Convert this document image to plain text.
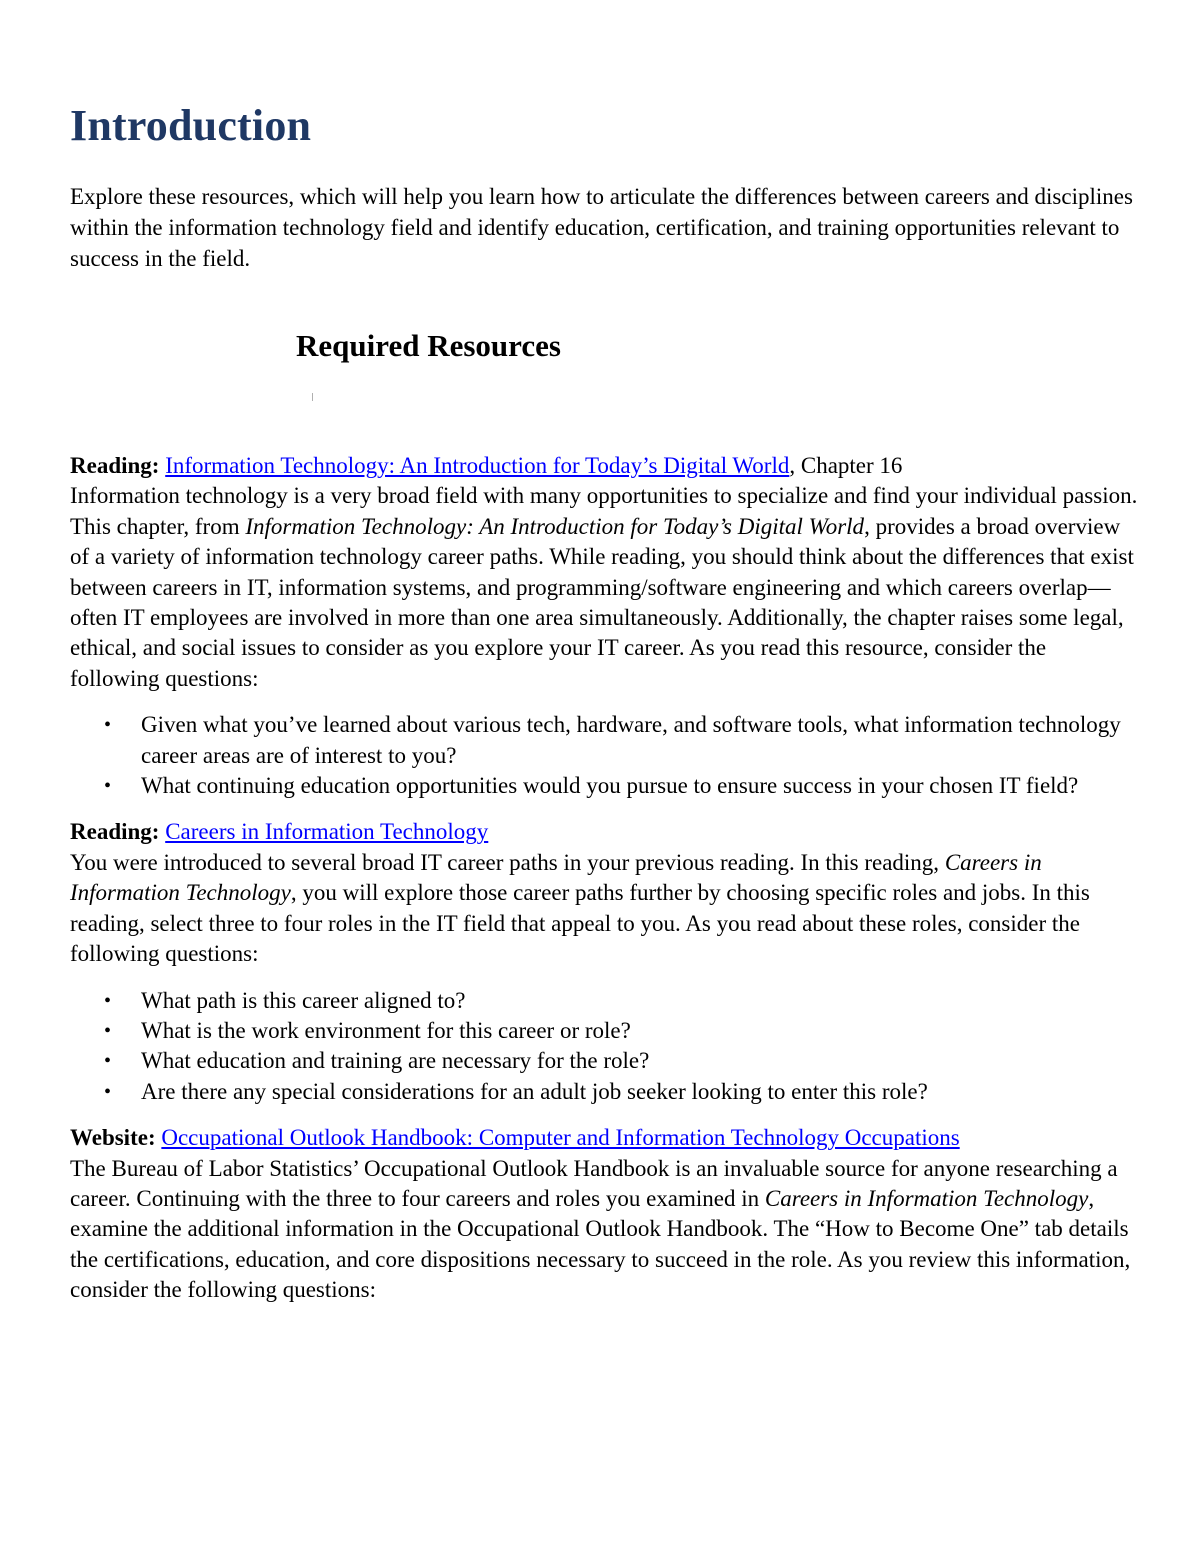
Introduction

Explore these resources, which will help you learn how to articulate the differences between careers and disciplines within the information technology field and identify education, certification, and training opportunities relevant to success in the field.

Required Resources

Reading: Information Technology: An Introduction for Today’s Digital World, Chapter 16

Information technology is a very broad field with many opportunities to specialize and find your individual passion. This chapter, from Information Technology: An Introduction for Today’s Digital World, provides a broad overview of a variety of information technology career paths. While reading, you should think about the differences that exist between careers in IT, information systems, and programming/software engineering and which careers overlap—often IT employees are involved in more than one area simultaneously. Additionally, the chapter raises some legal, ethical, and social issues to consider as you explore your IT career. As you read this resource, consider the following questions:

• Given what you’ve learned about various tech, hardware, and software tools, what information technology career areas are of interest to you?
• What continuing education opportunities would you pursue to ensure success in your chosen IT field?

Reading: Careers in Information Technology

You were introduced to several broad IT career paths in your previous reading. In this reading, Careers in Information Technology, you will explore those career paths further by choosing specific roles and jobs. In this reading, select three to four roles in the IT field that appeal to you. As you read about these roles, consider the following questions:

• What path is this career aligned to?
• What is the work environment for this career or role?
• What education and training are necessary for the role?
• Are there any special considerations for an adult job seeker looking to enter this role?

Website: Occupational Outlook Handbook: Computer and Information Technology Occupations

The Bureau of Labor Statistics’ Occupational Outlook Handbook is an invaluable source for anyone researching a career. Continuing with the three to four careers and roles you examined in Careers in Information Technology, examine the additional information in the Occupational Outlook Handbook. The “How to Become One” tab details the certifications, education, and core dispositions necessary to succeed in the role. As you review this information, consider the following questions:
